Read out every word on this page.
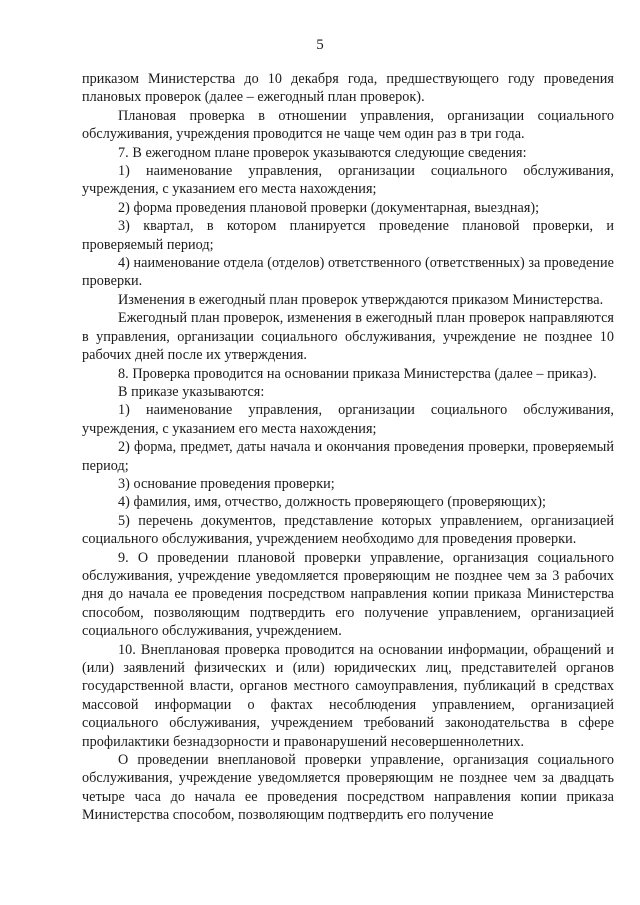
5

приказом Министерства до 10 декабря года, предшествующего году проведения плановых проверок (далее – ежегодный план проверок).

Плановая проверка в отношении управления, организации социального обслуживания, учреждения проводится не чаще чем один раз в три года.

7. В ежегодном плане проверок указываются следующие сведения:

1) наименование управления, организации социального обслуживания, учреждения, с указанием его места нахождения;

2) форма проведения плановой проверки (документарная, выездная);

3) квартал, в котором планируется проведение плановой проверки, и проверяемый период;

4) наименование отдела (отделов) ответственного (ответственных) за проведение проверки.

Изменения в ежегодный план проверок утверждаются приказом Министерства.

Ежегодный план проверок, изменения в ежегодный план проверок направляются в управления, организации социального обслуживания, учреждение не позднее 10 рабочих дней после их утверждения.

8. Проверка проводится на основании приказа Министерства (далее – приказ).

В приказе указываются:

1) наименование управления, организации социального обслуживания, учреждения, с указанием его места нахождения;

2) форма, предмет, даты начала и окончания проведения проверки, проверяемый период;

3) основание проведения проверки;

4) фамилия, имя, отчество, должность проверяющего (проверяющих);

5) перечень документов, представление которых управлением, организацией социального обслуживания, учреждением необходимо для проведения проверки.

9. О проведении плановой проверки управление, организация социального обслуживания, учреждение уведомляется проверяющим не позднее чем за 3 рабочих дня до начала ее проведения посредством направления копии приказа Министерства способом, позволяющим подтвердить его получение управлением, организацией социального обслуживания, учреждением.

10. Внеплановая проверка проводится на основании информации, обращений и (или) заявлений физических и (или) юридических лиц, представителей органов государственной власти, органов местного самоуправления, публикаций в средствах массовой информации о фактах несоблюдения управлением, организацией социального обслуживания, учреждением требований законодательства в сфере профилактики безнадзорности и правонарушений несовершеннолетних.

О проведении внеплановой проверки управление, организация социального обслуживания, учреждение уведомляется проверяющим не позднее чем за двадцать четыре часа до начала ее проведения посредством направления копии приказа Министерства способом, позволяющим подтвердить его получение
